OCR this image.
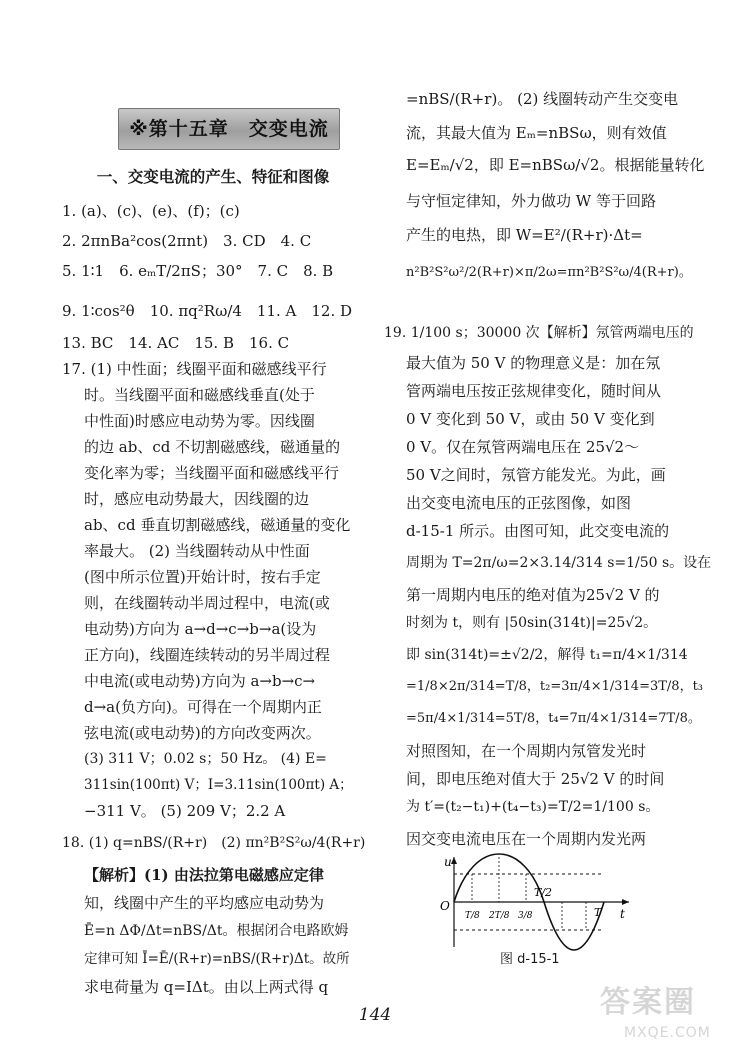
※第十五章　交变电流
一、交变电流的产生、特征和图像
1. (a)、(c)、(e)、(f)；(c)
2. 2πnBa²cos(2πnt)　3. CD　4. C
5. 1∶1　6. eₘT/2πS；30°　7. C　8. B
9. 1∶cos²θ　10. πq²Rω/4　11. A　12. D
13. BC　14. AC　15. B　16. C
17. (1) 中性面；线圈平面和磁感线平行
时。当线圈平面和磁感线垂直(处于
中性面)时感应电动势为零。因线圈
的边 ab、cd 不切割磁感线，磁通量的
变化率为零；当线圈平面和磁感线平行
时，感应电动势最大，因线圈的边
ab、cd 垂直切割磁感线，磁通量的变化
率最大。 (2) 当线圈转动从中性面
(图中所示位置)开始计时，按右手定
则，在线圈转动半周过程中，电流(或
电动势)方向为 a→d→c→b→a(设为
正方向)，线圈连续转动的另半周过程
中电流(或电动势)方向为 a→b→c→
d→a(负方向)。可得在一个周期内正
弦电流(或电动势)的方向改变两次。
(3) 311 V；0.02 s；50 Hz。 (4) E=
311sin(100πt) V；I=3.11sin(100πt) A；
−311 V。 (5) 209 V；2.2 A
18. (1) q=nBS/(R+r)　(2) πn²B²S²ω/4(R+r)
【解析】(1) 由法拉第电磁感应定律
知，线圈中产生的平均感应电动势为
Ē=n ΔΦ/Δt=nBS/Δt。根据闭合电路欧姆
定律可知 Ī=Ē/(R+r)=nBS/(R+r)Δt。故所
求电荷量为 q=IΔt。由以上两式得 q
=nBS/(R+r)。 (2) 线圈转动产生交变电
流，其最大值为 Eₘ=nBSω，则有效值
E=Eₘ/√2，即 E=nBSω/√2。根据能量转化
与守恒定律知，外力做功 W 等于回路
产生的电热，即 W=E²/(R+r)·Δt=
n²B²S²ω²/2(R+r)×π/2ω=πn²B²S²ω/4(R+r)。
19. 1/100 s；30000 次【解析】氖管两端电压的
最大值为 50 V 的物理意义是：加在氖
管两端电压按正弦规律变化，随时间从
0 V 变化到 50 V，或由 50 V 变化到
0 V。仅在氖管两端电压在 25√2～
50 V之间时，氖管方能发光。为此，画
出交变电流电压的正弦图像，如图
d-15-1 所示。由图可知，此交变电流的
周期为 T=2π/ω=2×3.14/314 s=1/50 s。设在
第一周期内电压的绝对值为25√2 V 的
时刻为 t，则有 |50sin(314t)|=25√2。
即 sin(314t)=±√2/2，解得 t₁=π/4×1/314
=1/8×2π/314=T/8，t₂=3π/4×1/314=3T/8，t₃
=5π/4×1/314=5T/8，t₄=7π/4×1/314=7T/8。
对照图知，在一个周期内氖管发光时
间，即电压绝对值大于 25√2 V 的时间
为 t′=(t₂−t₁)+(t₄−t₃)=T/2=1/100 s。
因交变电流电压在一个周期内发光两
u
t
O
T/2
T
T/8 2T/8 3/8
图 d-15-1
144	答案圈
MXQE.COM
